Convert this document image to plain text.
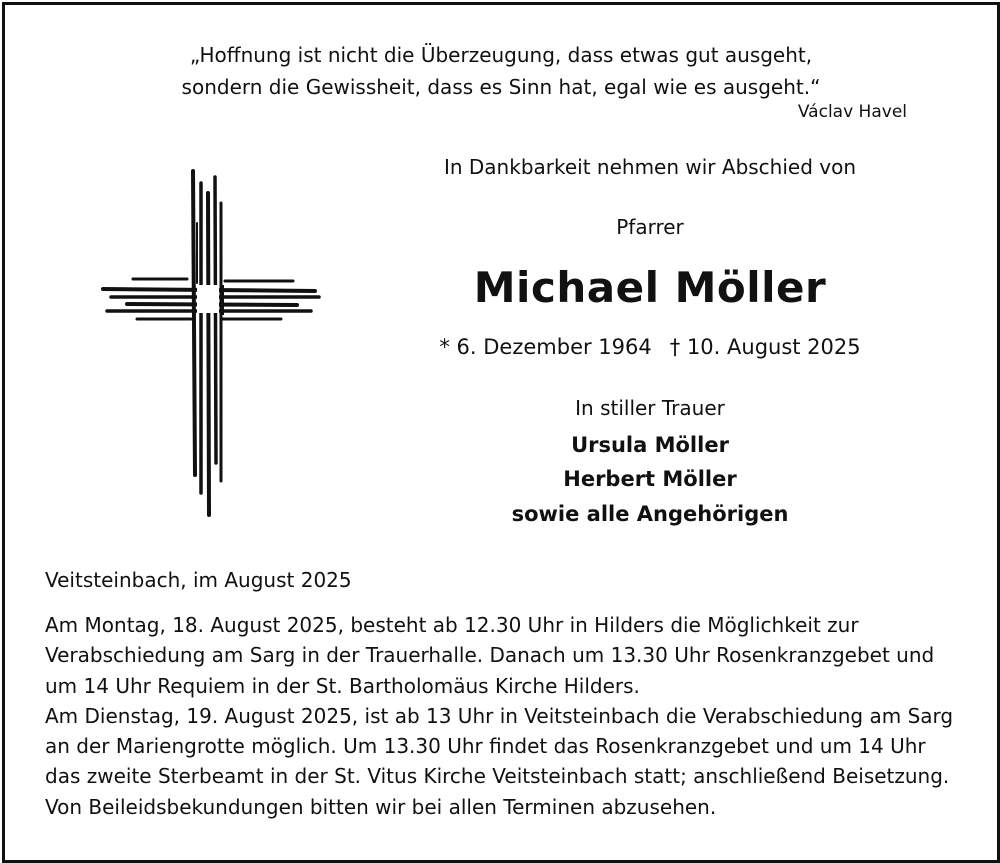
„Hoffnung ist nicht die Überzeugung, dass etwas gut ausgeht,
sondern die Gewissheit, dass es Sinn hat, egal wie es ausgeht.“
Václav Havel
In Dankbarkeit nehmen wir Abschied von
Pfarrer
Michael Möller
* 6. Dezember 1964 † 10. August 2025
In stiller Trauer
Ursula Möller
Herbert Möller
sowie alle Angehörigen
Veitsteinbach, im August 2025
Am Montag, 18. August 2025, besteht ab 12.30 Uhr in Hilders die Möglichkeit zur
Verabschiedung am Sarg in der Trauerhalle. Danach um 13.30 Uhr Rosenkranzgebet und
um 14 Uhr Requiem in der St. Bartholomäus Kirche Hilders.
Am Dienstag, 19. August 2025, ist ab 13 Uhr in Veitsteinbach die Verabschiedung am Sarg
an der Mariengrotte möglich. Um 13.30 Uhr findet das Rosenkranzgebet und um 14 Uhr
das zweite Sterbeamt in der St. Vitus Kirche Veitsteinbach statt; anschließend Beisetzung.
Von Beileidsbekundungen bitten wir bei allen Terminen abzusehen.
